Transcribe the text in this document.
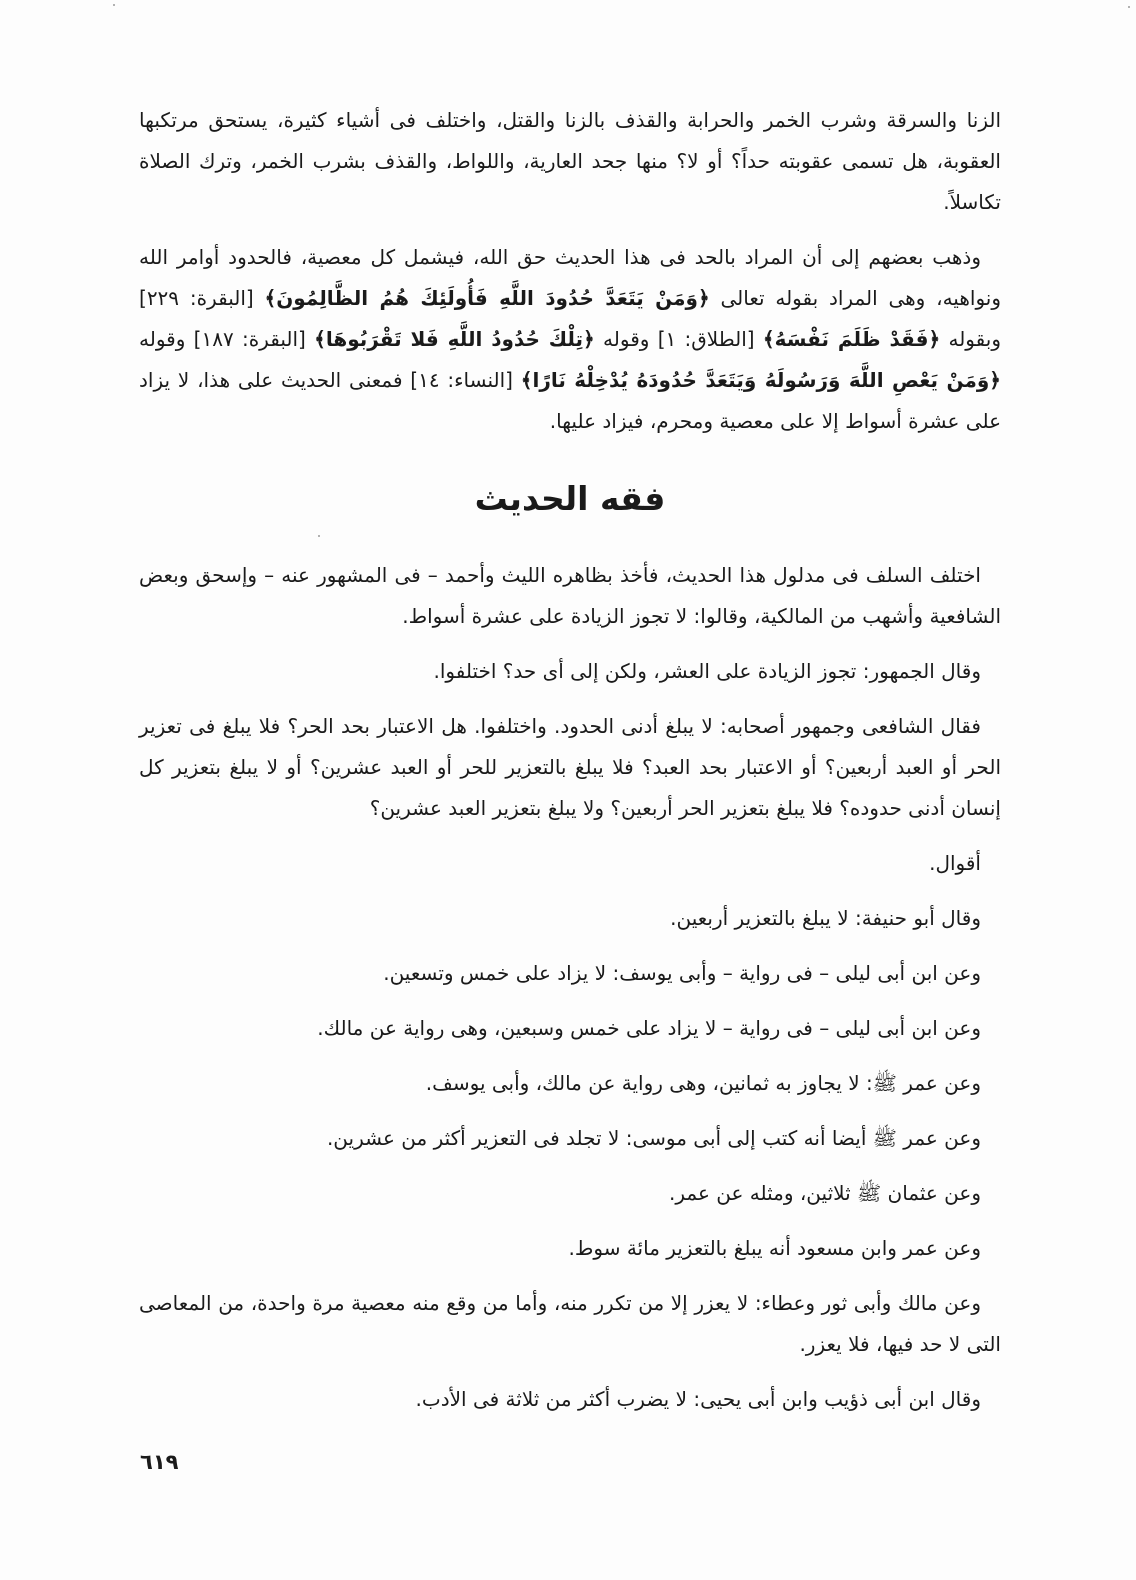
الزنا والسرقة وشرب الخمر والحرابة والقذف بالزنا والقتل، واختلف فى أشياء كثيرة، يستحق مرتكبها العقوبة، هل تسمى عقوبته حداً؟ أو لا؟ منها جحد العارية، واللواط، والقذف بشرب الخمر، وترك الصلاة تكاسلاً.

وذهب بعضهم إلى أن المراد بالحد فى هذا الحديث حق الله، فيشمل كل معصية، فالحدود أوامر الله ونواهيه، وهى المراد بقوله تعالى ﴿وَمَنْ يَتَعَدَّ حُدُودَ اللَّهِ فَأُولَئِكَ هُمُ الظَّالِمُونَ﴾ [البقرة: ٢٢٩] وبقوله ﴿فَقَدْ ظَلَمَ نَفْسَهُ﴾ [الطلاق: ١] وقوله ﴿تِلْكَ حُدُودُ اللَّهِ فَلا تَقْرَبُوهَا﴾ [البقرة: ١٨٧] وقوله ﴿وَمَنْ يَعْصِ اللَّهَ وَرَسُولَهُ وَيَتَعَدَّ حُدُودَهُ يُدْخِلْهُ نَارًا﴾ [النساء: ١٤] فمعنى الحديث على هذا، لا يزاد على عشرة أسواط إلا على معصية ومحرم، فيزاد عليها.

فقه الحديث

اختلف السلف فى مدلول هذا الحديث، فأخذ بظاهره الليث وأحمد – فى المشهور عنه – وإسحق وبعض الشافعية وأشهب من المالكية، وقالوا: لا تجوز الزيادة على عشرة أسواط.

وقال الجمهور: تجوز الزيادة على العشر، ولكن إلى أى حد؟ اختلفوا.

فقال الشافعى وجمهور أصحابه: لا يبلغ أدنى الحدود. واختلفوا. هل الاعتبار بحد الحر؟ فلا يبلغ فى تعزير الحر أو العبد أربعين؟ أو الاعتبار بحد العبد؟ فلا يبلغ بالتعزير للحر أو العبد عشرين؟ أو لا يبلغ بتعزير كل إنسان أدنى حدوده؟ فلا يبلغ بتعزير الحر أربعين؟ ولا يبلغ بتعزير العبد عشرين؟

أقوال.

وقال أبو حنيفة: لا يبلغ بالتعزير أربعين.

وعن ابن أبى ليلى – فى رواية – وأبى يوسف: لا يزاد على خمس وتسعين.

وعن ابن أبى ليلى – فى رواية – لا يزاد على خمس وسبعين، وهى رواية عن مالك.

وعن عمر ﷺ: لا يجاوز به ثمانين، وهى رواية عن مالك، وأبى يوسف.

وعن عمر ﷺ أيضا أنه كتب إلى أبى موسى: لا تجلد فى التعزير أكثر من عشرين.

وعن عثمان ﷺ ثلاثين، ومثله عن عمر.

وعن عمر وابن مسعود أنه يبلغ بالتعزير مائة سوط.

وعن مالك وأبى ثور وعطاء: لا يعزر إلا من تكرر منه، وأما من وقع منه معصية مرة واحدة، من المعاصى التى لا حد فيها، فلا يعزر.

وقال ابن أبى ذؤيب وابن أبى يحيى: لا يضرب أكثر من ثلاثة فى الأدب.

٦١٩
